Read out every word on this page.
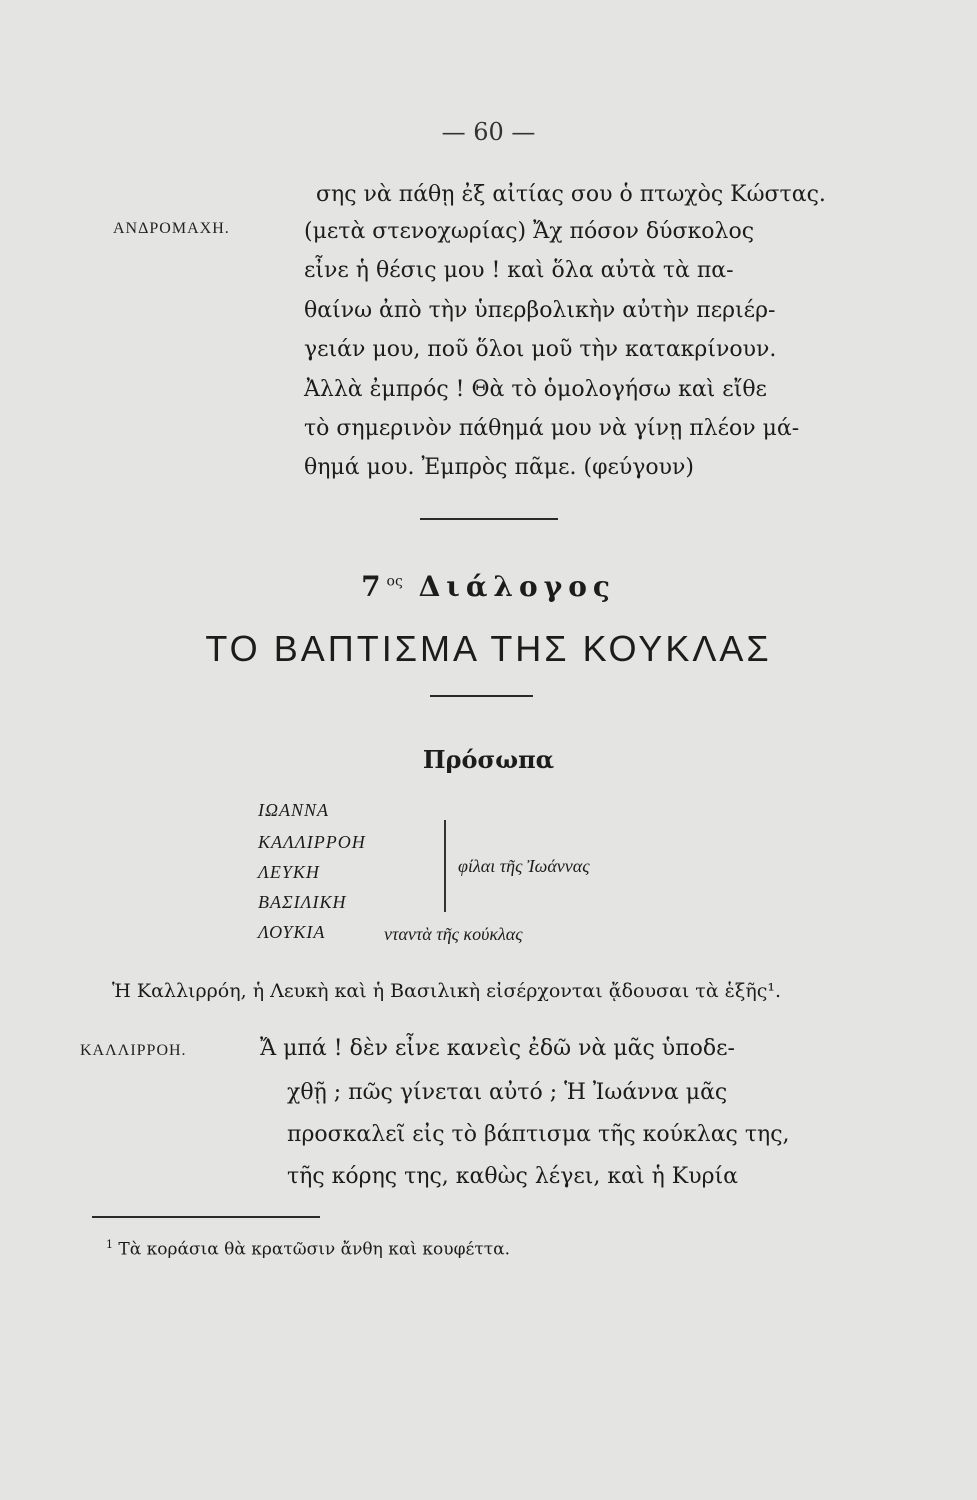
— 60 —
ΑΝΔΡΟΜΑΧΗ.
σης νὰ πάθῃ ἐξ αἰτίας σου ὁ πτωχὸς Κώστας.
(μετὰ στενοχωρίας) Ἄχ πόσον δύσκολος
εἶνε ἡ θέσις μου ! καὶ ὅλα αὐτὰ τὰ πα-
θαίνω ἀπὸ τὴν ὑπερβολικὴν αὐτὴν περιέρ-
γειάν μου, ποῦ ὅλοι μοῦ τὴν κατακρίνουν.
Ἀλλὰ ἐμπρός ! Θὰ τὸ ὁμολογήσω καὶ εἴθε
τὸ σημερινὸν πάθημά μου νὰ γίνῃ πλέον μά-
θημά μου. Ἐμπρὸς πᾶμε. (φεύγουν)
$7^{o\varsigma}$ Διάλογος
ΤΟ ΒΑΠΤΙΣΜΑ ΤΗΣ ΚΟΥΚΛΑΣ
Πρόσωπα
ΙΩΑΝΝΑ
ΚΑΛΛΙΡΡΟΗ
ΛΕΥΚΗ
ΒΑΣΙΛΙΚΗ
ΛΟΥΚΙΑ
φίλαι τῆς Ἰωάννας
νταντὰ τῆς κούκλας
Ἡ Καλλιρρόη, ἡ Λευκὴ καὶ ἡ Βασιλικὴ εἰσέρχονται ᾄδουσαι τὰ ἑξῆς¹.
ΚΑΛΛΙΡΡΟΗ.	Ἄ μπά ! δὲν εἶνε κανεὶς ἐδῶ νὰ μᾶς ὑποδε-
χθῇ ; πῶς γίνεται αὐτό ; Ἡ Ἰωάννα μᾶς
προσκαλεῖ εἰς τὸ βάπτισμα τῆς κούκλας της,
τῆς κόρης της, καθὼς λέγει, καὶ ἡ Κυρία
$^1$ Τὰ κοράσια θὰ κρατῶσιν ἄνθη καὶ κουφέττα.
